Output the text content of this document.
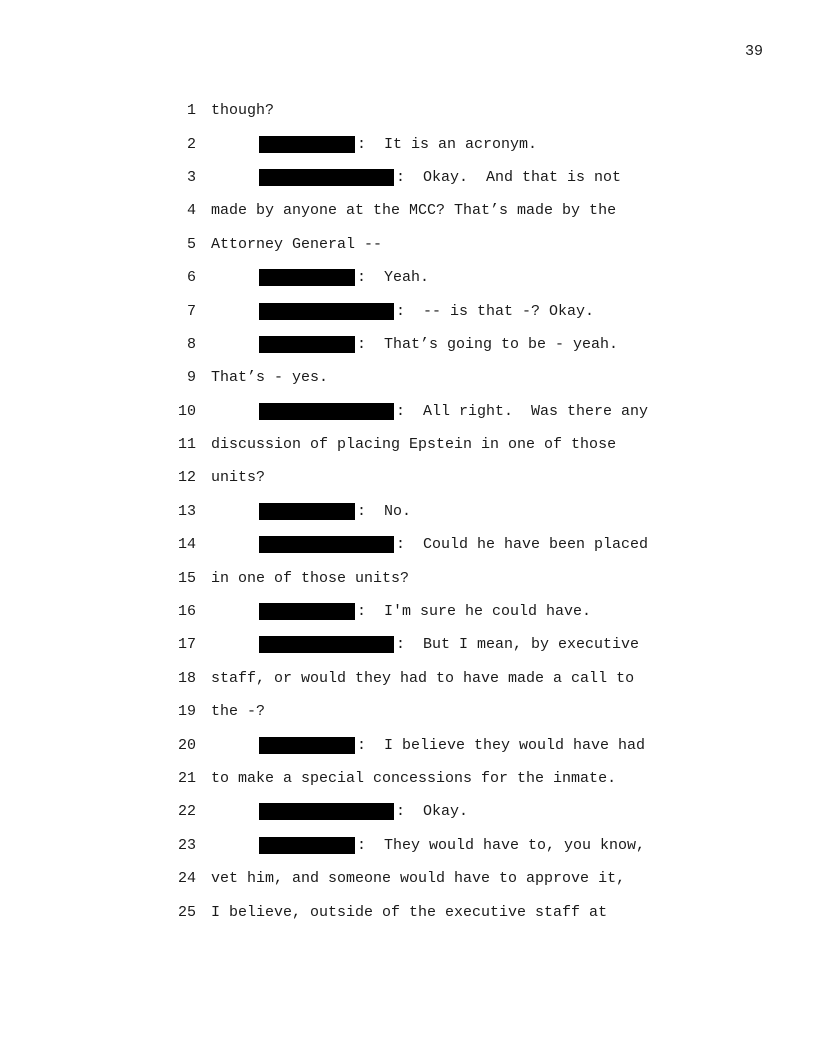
39
1 though?
2	:  It is an acronym.
3	:  Okay.  And that is not
4 made by anyone at the MCC? That’s made by the
5 Attorney General --
6	:  Yeah.
7	:  -- is that -? Okay.
8	:  That’s going to be - yeah.
9 That’s - yes.
10	:  All right.  Was there any
11 discussion of placing Epstein in one of those
12 units?
13	:  No.
14	:  Could he have been placed
15 in one of those units?
16	:  I'm sure he could have.
17	:  But I mean, by executive
18 staff, or would they had to have made a call to
19 the -?
20	:  I believe they would have had
21 to make a special concessions for the inmate.
22	:  Okay.
23	:  They would have to, you know,
24 vet him, and someone would have to approve it,
25 I believe, outside of the executive staff at
